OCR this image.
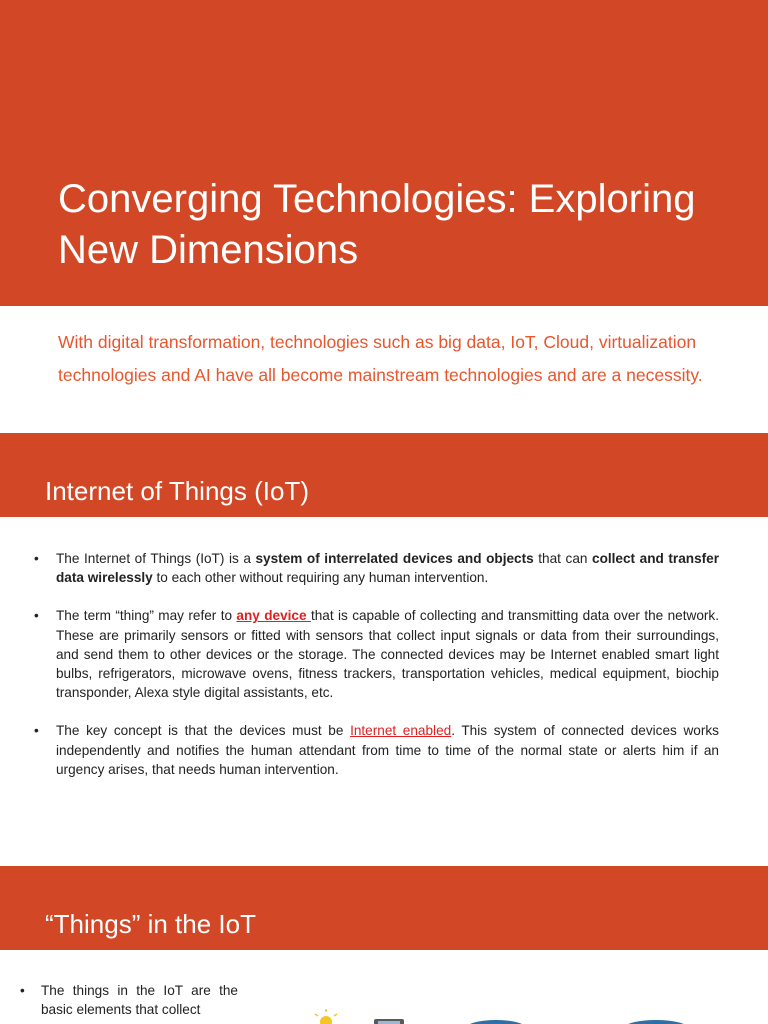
Converging Technologies: Exploring New Dimensions

With digital transformation, technologies such as big data, IoT, Cloud, virtualization technologies and AI have all become mainstream technologies and are a necessity.

Internet of Things (IoT)
• The Internet of Things (IoT) is a system of interrelated devices and objects that can collect and transfer data wirelessly to each other without requiring any human intervention.
• The term “thing” may refer to any device that is capable of collecting and transmitting data over the network. These are primarily sensors or fitted with sensors that collect input signals or data from their surroundings, and send them to other devices or the storage. The connected devices may be Internet enabled smart light bulbs, refrigerators, microwave ovens, fitness trackers, transportation vehicles, medical equipment, biochip transponder, Alexa style digital assistants, etc.
• The key concept is that the devices must be Internet enabled. This system of connected devices works independently and notifies the human attendant from time to time of the normal state or alerts him if an urgency arises, that needs human intervention.
“Things” in the IoT
• The things in the IoT are the basic elements that collect
